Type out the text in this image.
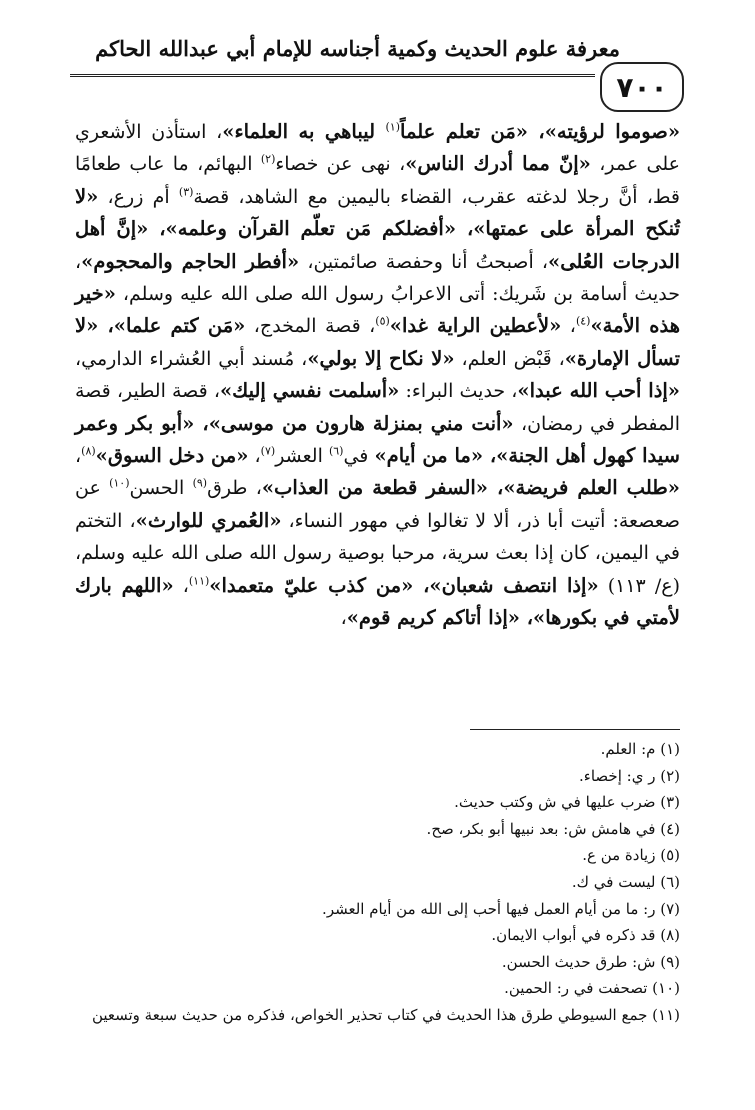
معرفة علوم الحديث وكمية أجناسه للإمام أبي عبدالله الحاكم
٧٠٠
«صوموا لرؤيته»، «مَن تعلم علماً$^{(١)}$ ليباهي به العلماء»، استأذن الأشعري على عمر، «إنّ مما أدرك الناس»، نهى عن خصاء$^{(٢)}$ البهائم، ما عاب طعامًا قط، أنَّ رجلا لدغته عقرب، القضاء باليمين مع الشاهد، قصة$^{(٣)}$ أم زرع، «لا تُنكح المرأة على عمتها»، «أفضلكم مَن تعلّم القرآن وعلمه»، «إنَّ أهل الدرجات العُلى»، أصبحتُ أنا وحفصة صائمتين، «أفطر الحاجم والمحجوم»، حديث أسامة بن شَريك: أتى الاعرابُ رسول الله صلى الله عليه وسلم، «خير هذه الأمة»$^{(٤)}$، «لأعطين الراية غدا»$^{(٥)}$، قصة المخدج، «مَن كتم علما»، «لا تسأل الإمارة»، قَبْض العلم، «لا نكاح إلا بولي»، مُسند أبي العُشراء الدارمي، «إذا أحب الله عبدا»، حديث البراء: «أسلمت نفسي إليك»، قصة الطير، قصة المفطر في رمضان، «أنت مني بمنزلة هارون من موسى»، «أبو بكر وعمر سيدا كهول أهل الجنة»، «ما من أيام» في$^{(٦)}$ العشر$^{(٧)}$، «من دخل السوق»$^{(٨)}$، «طلب العلم فريضة»، «السفر قطعة من العذاب»، طرق$^{(٩)}$ الحسن$^{(١٠)}$ عن صعصعة: أتيت أبا ذر، ألا لا تغالوا في مهور النساء، «العُمري للوارث»، التختم في اليمين، كان إذا بعث سرية، مرحبا بوصية رسول الله صلى الله عليه وسلم، (ع/ ١١٣) «إذا انتصف شعبان»، «من كذب عليّ متعمدا»$^{(١١)}$، «اللهم بارك لأمتي في بكورها»، «إذا أتاكم كريم قوم»،
(١) م: العلم.
(٢) ر ي: إخصاء.
(٣) ضرب عليها في ش وكتب حديث.
(٤) في هامش ش: بعد نبيها أبو بكر، صح.
(٥) زيادة من ع.
(٦) ليست في ك.
(٧) ر: ما من أيام العمل فيها أحب إلى الله من أيام العشر.
(٨) قد ذكره في أبواب الايمان.
(٩) ش: طرق حديث الحسن.
(١٠) تصحفت في ر: الحمين.
(١١) جمع السيوطي طرق هذا الحديث في كتاب تحذير الخواص، فذكره من حديث سبعة وتسعين
